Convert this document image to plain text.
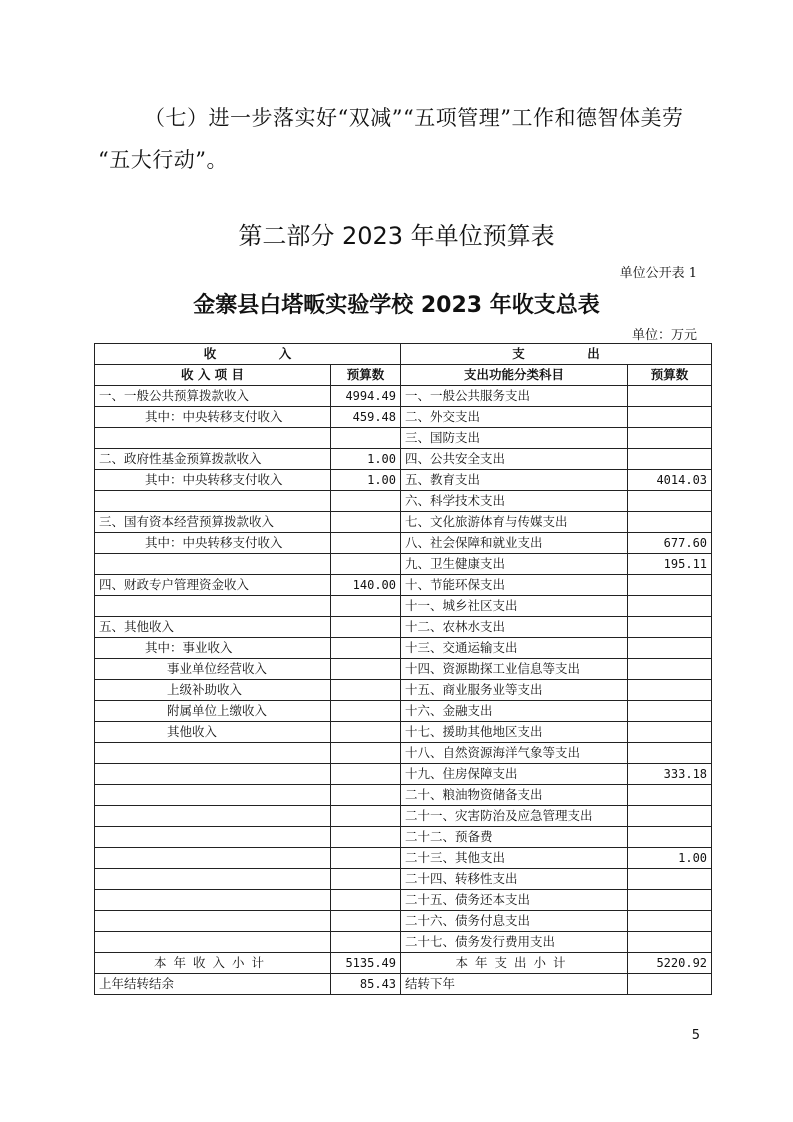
（七）进一步落实好“双减”“五项管理”工作和德智体美劳
“五大行动”。
第二部分 2023 年单位预算表
单位公开表 1
金寨县白塔畈实验学校 2023 年收支总表
单位：万元
收　　　　　入		支　　　　　出	
收 入 项 目	预算数	支出功能分类科目	预算数
一、一般公共预算拨款收入	4994.49	一、一般公共服务支出	
其中：中央转移支付收入	459.48	二、外交支出	
		三、国防支出	
二、政府性基金预算拨款收入	1.00	四、公共安全支出	
其中：中央转移支付收入	1.00	五、教育支出	4014.03
		六、科学技术支出	
三、国有资本经营预算拨款收入		七、文化旅游体育与传媒支出	
其中：中央转移支付收入		八、社会保障和就业支出	677.60
		九、卫生健康支出	195.11
四、财政专户管理资金收入	140.00	十、节能环保支出	
		十一、城乡社区支出	
五、其他收入		十二、农林水支出	
其中：事业收入		十三、交通运输支出	
事业单位经营收入		十四、资源勘探工业信息等支出	
上级补助收入		十五、商业服务业等支出	
附属单位上缴收入		十六、金融支出	
其他收入		十七、援助其他地区支出	
		十八、自然资源海洋气象等支出	
		十九、住房保障支出	333.18
		二十、粮油物资储备支出	
		二十一、灾害防治及应急管理支出	
		二十二、预备费	
		二十三、其他支出	1.00
		二十四、转移性支出	
		二十五、债务还本支出	
		二十六、债务付息支出	
		二十七、债务发行费用支出	
本年收入小计	5135.49	本年支出小计	5220.92
上年结转结余	85.43	结转下年	
5
